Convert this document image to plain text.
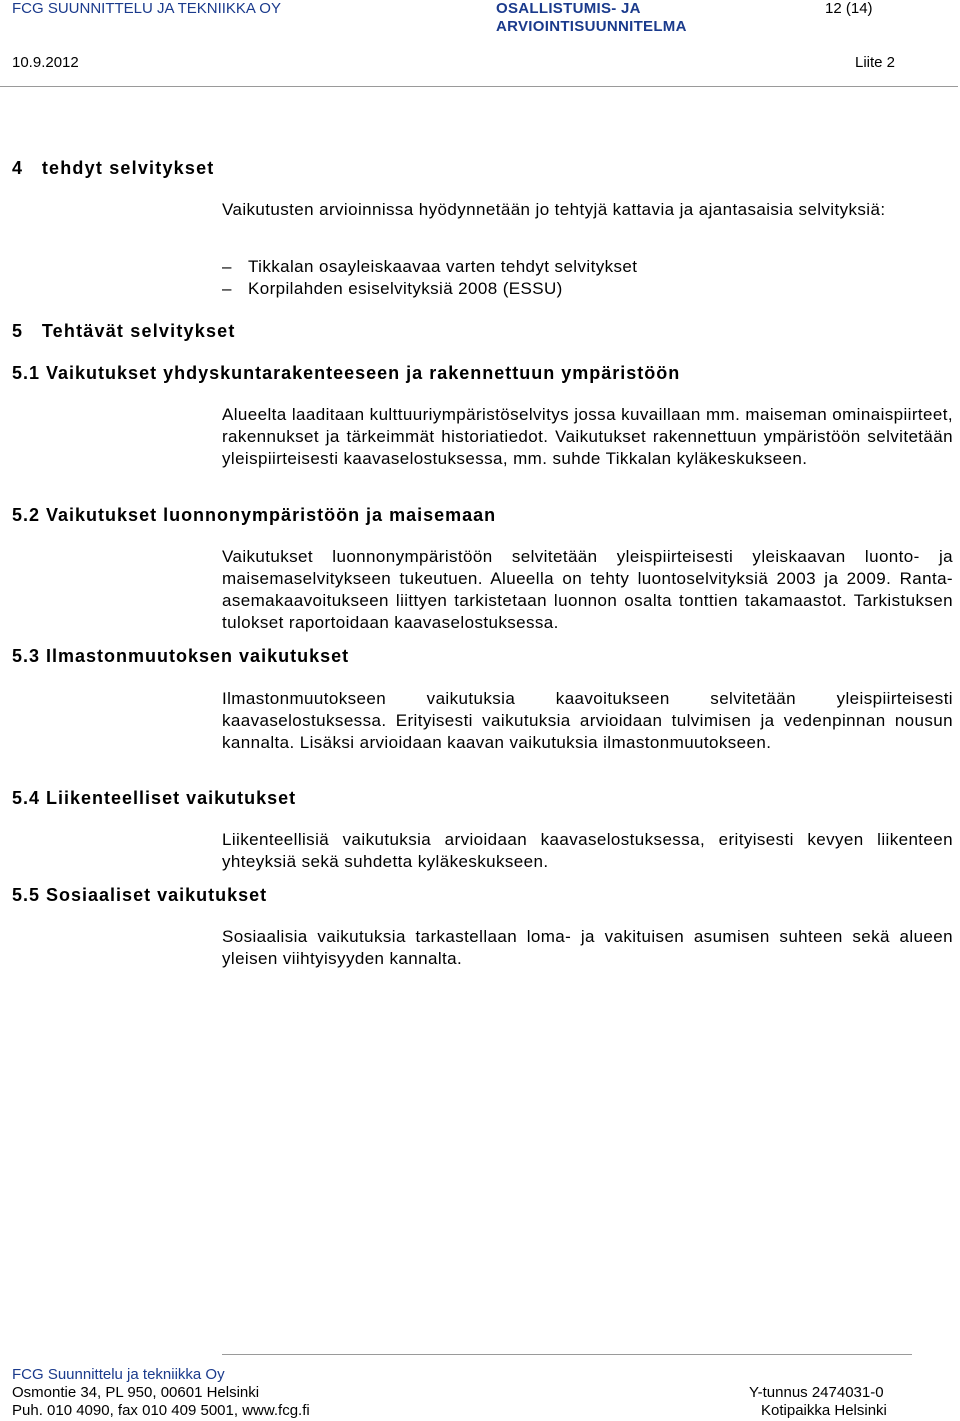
FCG SUUNNITTELU JA TEKNIIKKA OY	OSALLISTUMIS- JA ARVIOINTISUUNNITELMA
12 (14)
10.9.2012	Liite 2
4   tehdyt selvitykset
Vaikutusten arvioinnissa hyödynnetään jo tehtyjä kattavia ja ajantasaisia selvityksiä:
– Tikkalan osayleiskaavaa varten tehdyt selvitykset
– Korpilahden esiselvityksiä 2008 (ESSU)
5   Tehtävät selvitykset
5.1 Vaikutukset yhdyskuntarakenteeseen ja rakennettuun ympäristöön
Alueelta laaditaan kulttuuriympäristöselvitys jossa kuvaillaan mm. maiseman ominaispiirteet, rakennukset ja tärkeimmät historiatiedot. Vaikutukset rakennettuun ympäristöön selvitetään yleispiirteisesti kaavaselostuksessa, mm. suhde Tikkalan kyläkeskukseen.
5.2 Vaikutukset luonnonympäristöön ja maisemaan
Vaikutukset luonnonympäristöön selvitetään yleispiirteisesti yleiskaavan luonto- ja maisemaselvitykseen tukeutuen. Alueella on tehty luontoselvityksiä 2003 ja 2009. Ranta-asemakaavoitukseen liittyen tarkistetaan luonnon osalta tonttien takamaastot. Tarkistuksen tulokset raportoidaan kaavaselostuksessa.
5.3 Ilmastonmuutoksen vaikutukset
Ilmastonmuutokseen vaikutuksia kaavoitukseen selvitetään yleispiirteisesti kaavaselostuksessa. Erityisesti vaikutuksia arvioidaan tulvimisen ja vedenpinnan nousun kannalta. Lisäksi arvioidaan kaavan vaikutuksia ilmastonmuutokseen.
5.4 Liikenteelliset vaikutukset
Liikenteellisiä vaikutuksia arvioidaan kaavaselostuksessa, erityisesti kevyen liikenteen yhteyksiä sekä suhdetta kyläkeskukseen.
5.5 Sosiaaliset vaikutukset
Sosiaalisia vaikutuksia tarkastellaan loma- ja vakituisen asumisen suhteen sekä alueen yleisen viihtyisyyden kannalta.
FCG Suunnittelu ja tekniikka Oy
Osmontie 34, PL 950, 00601 Helsinki
Puh. 010 4090, fax 010 409 5001, www.fcg.fi
Y-tunnus 2474031-0
Kotipaikka Helsinki
